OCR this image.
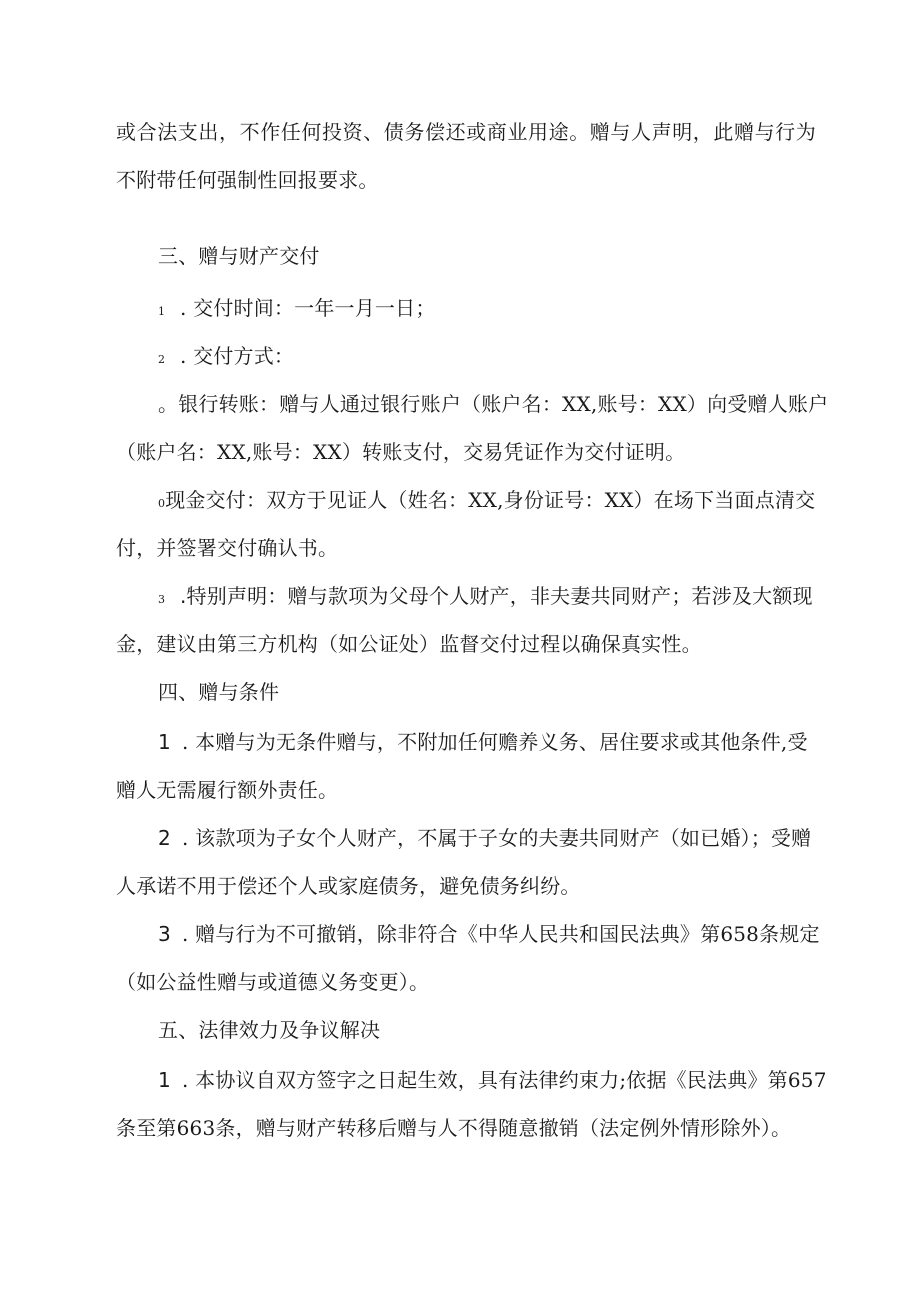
或合法支出，不作任何投资、债务偿还或商业用途。赠与人声明，此赠与行为
不附带任何强制性回报要求。
三、赠与财产交付
1 . 交付时间：一年一月一日；
2 . 交付方式：
。银行转账：赠与人通过银行账户（账户名：XX,账号：XX）向受赠人账户
（账户名：XX,账号：XX）转账支付，交易凭证作为交付证明。
0现金交付：双方于见证人（姓名：XX,身份证号：XX）在场下当面点清交
付，并签署交付确认书。
3 .特别声明：赠与款项为父母个人财产，非夫妻共同财产；若涉及大额现
金，建议由第三方机构（如公证处）监督交付过程以确保真实性。
四、赠与条件
1 . 本赠与为无条件赠与，不附加任何赡养义务、居住要求或其他条件,受
赠人无需履行额外责任。
2 . 该款项为子女个人财产，不属于子女的夫妻共同财产（如已婚）；受赠
人承诺不用于偿还个人或家庭债务，避免债务纠纷。
3 . 赠与行为不可撤销，除非符合《中华人民共和国民法典》第658条规定
（如公益性赠与或道德义务变更）。
五、法律效力及争议解决
1 . 本协议自双方签字之日起生效，具有法律约束力;依据《民法典》第657
条至第663条，赠与财产转移后赠与人不得随意撤销（法定例外情形除外）。
